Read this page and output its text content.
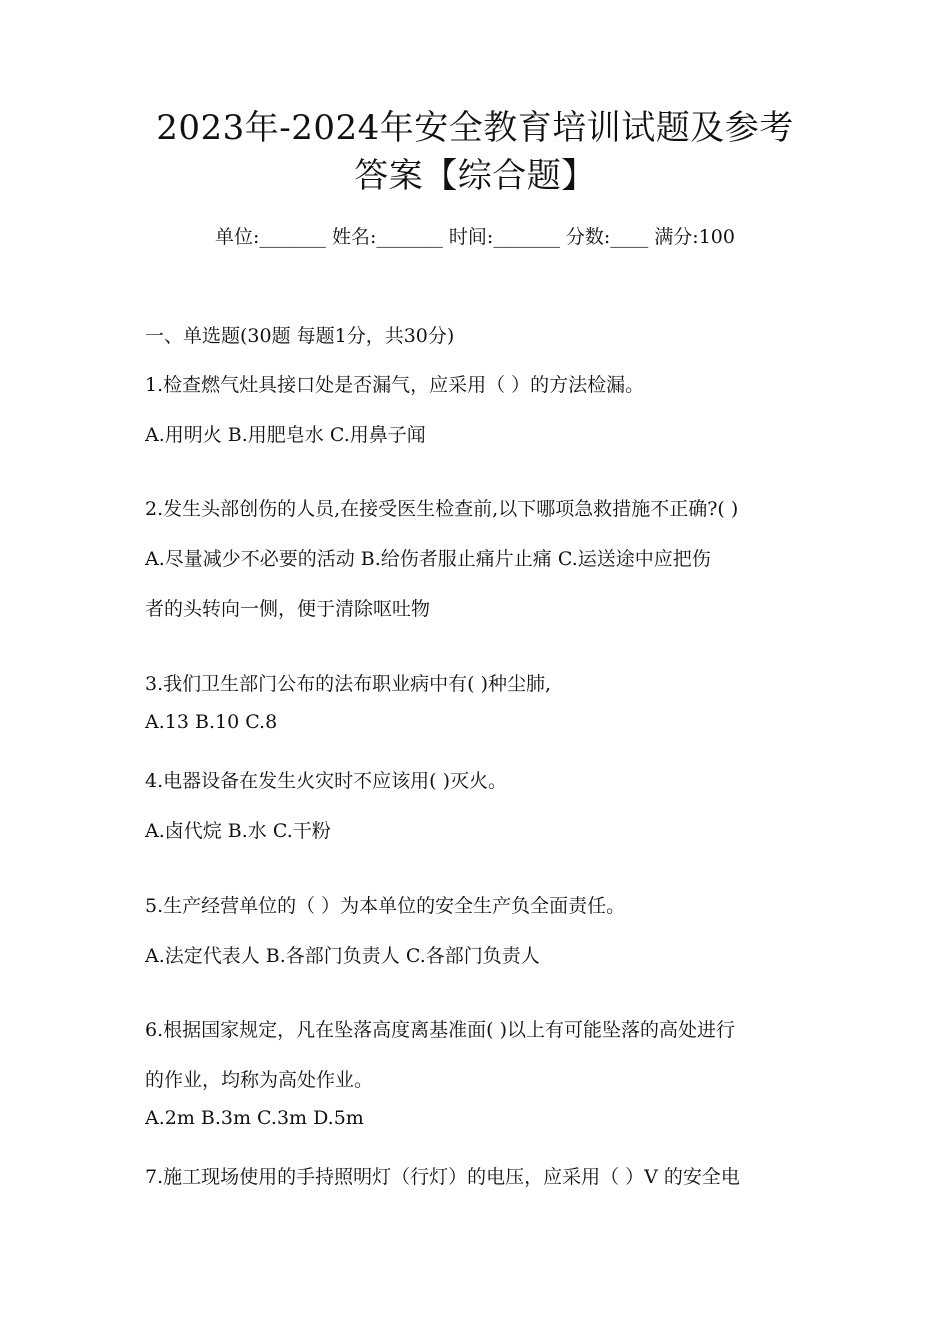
2023年-2024年安全教育培训试题及参考
答案【综合题】
单位:_______ 姓名:_______ 时间:_______ 分数:____ 满分:100
一、单选题(30题 每题1分，共30分)
1.检查燃气灶具接口处是否漏气，应采用（ ）的方法检漏。
A.用明火 B.用肥皂水 C.用鼻子闻
2.发生头部创伤的人员,在接受医生检查前,以下哪项急救措施不正确?( )
A.尽量减少不必要的活动 B.给伤者服止痛片止痛 C.运送途中应把伤
者的头转向一侧，便于清除呕吐物
3.我们卫生部门公布的法布职业病中有( )种尘肺,
A.13 B.10 C.8
4.电器设备在发生火灾时不应该用( )灭火。
A.卤代烷 B.水 C.干粉
5.生产经营单位的（ ）为本单位的安全生产负全面责任。
A.法定代表人 B.各部门负责人 C.各部门负责人
6.根据国家规定，凡在坠落高度离基准面( )以上有可能坠落的高处进行
的作业，均称为高处作业。
A.2m B.3m C.3m D.5m
7.施工现场使用的手持照明灯（行灯）的电压，应采用（ ）V 的安全电
